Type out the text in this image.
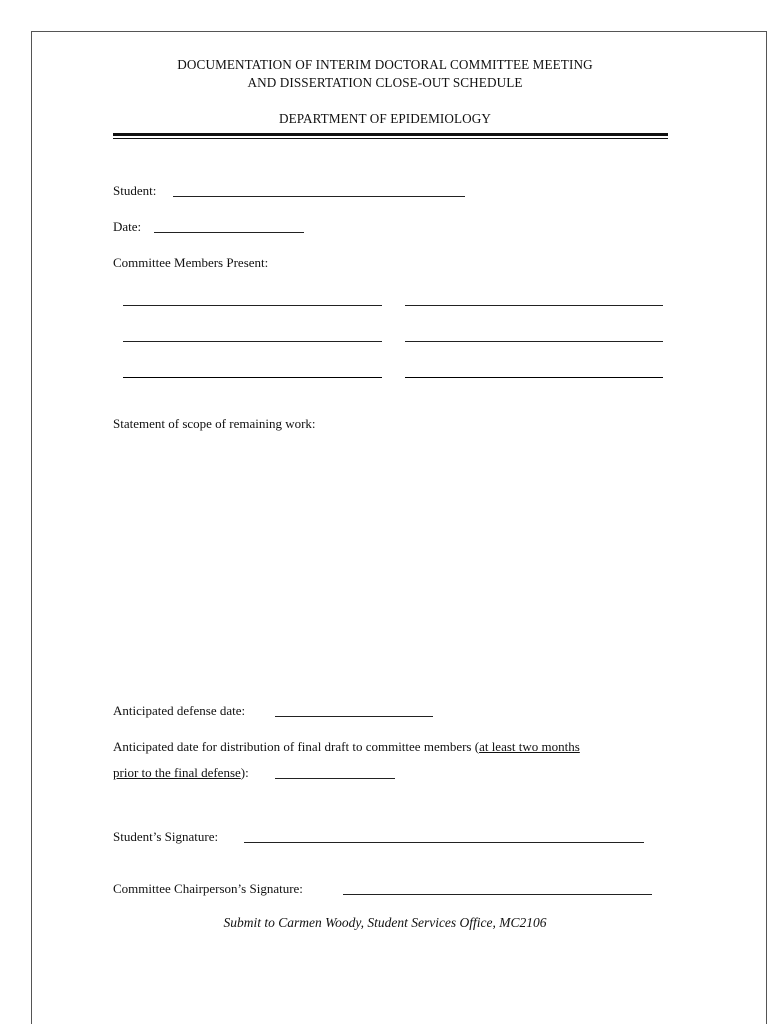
DOCUMENTATION OF INTERIM DOCTORAL COMMITTEE MEETING
AND DISSERTATION CLOSE-OUT SCHEDULE
DEPARTMENT OF EPIDEMIOLOGY
Student:
Date:
Committee Members Present:
Statement of scope of remaining work:
Anticipated defense date:
Anticipated date for distribution of final draft to committee members (at least two months
prior to the final defense):
Student’s Signature:
Committee Chairperson’s Signature:
Submit to Carmen Woody, Student Services Office, MC2106
